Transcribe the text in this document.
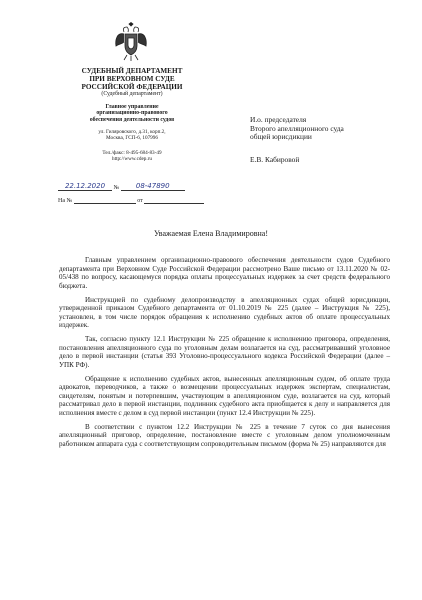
СУДЕБНЫЙ ДЕПАРТАМЕНТ
ПРИ ВЕРХОВНОМ СУДЕ
РОССИЙСКОЙ ФЕДЕРАЦИИ
(Судебный департамент)
Главное управление
организационно-правового
обеспечения деятельности судов
ул. Гиляровского, д.31, корп.2,
Москва, ГСП-6, 107996
Тел./факс: 8-495-684-83-49
http://www.cdep.ru
22.12.2020 № 08-47890
На №	от
И.о. председателя
Второго апелляционного суда
общей юрисдикции
Е.В. Кабировой
Уважаемая Елена Владимировна!

Главным управлением организационно-правового обеспечения деятельности судов Судебного департамента при Верховном Суде Российской Федерации рассмотрено Ваше письмо от 13.11.2020 № 02-05/438 по вопросу, касающемуся порядка оплаты процессуальных издержек за счет средств федерального бюджета.

Инструкцией по судебному делопроизводству в апелляционных судах общей юрисдикции, утвержденной приказом Судебного департамента от 01.10.2019 № 225 (далее – Инструкция № 225), установлен, в том числе порядок обращения к исполнению судебных актов об оплате процессуальных издержек.

Так, согласно пункту 12.1 Инструкции № 225 обращение к исполнению приговора, определения, постановления апелляционного суда по уголовным делам возлагается на суд, рассматривавший уголовное дело в первой инстанции (статья 393 Уголовно-процессуального кодекса Российской Федерации (далее – УПК РФ).

Обращение к исполнению судебных актов, вынесенных апелляционным судом, об оплате труда адвокатов, переводчиков, а также о возмещении процессуальных издержек экспертам, специалистам, свидетелям, понятым и потерпевшим, участвующим в апелляционном суде, возлагается на суд, который рассматривал дело в первой инстанции, подлинник судебного акта приобщается к делу и направляется для исполнения вместе с делом в суд первой инстанции (пункт 12.4 Инструкции № 225).

В соответствии с пунктом 12.2 Инструкции № 225 в течение 7 суток со дня вынесения апелляционный приговор, определение, постановление вместе с уголовным делом уполномоченным работником аппарата суда с соответствующим сопроводительным письмом (форма № 25) направляются для
